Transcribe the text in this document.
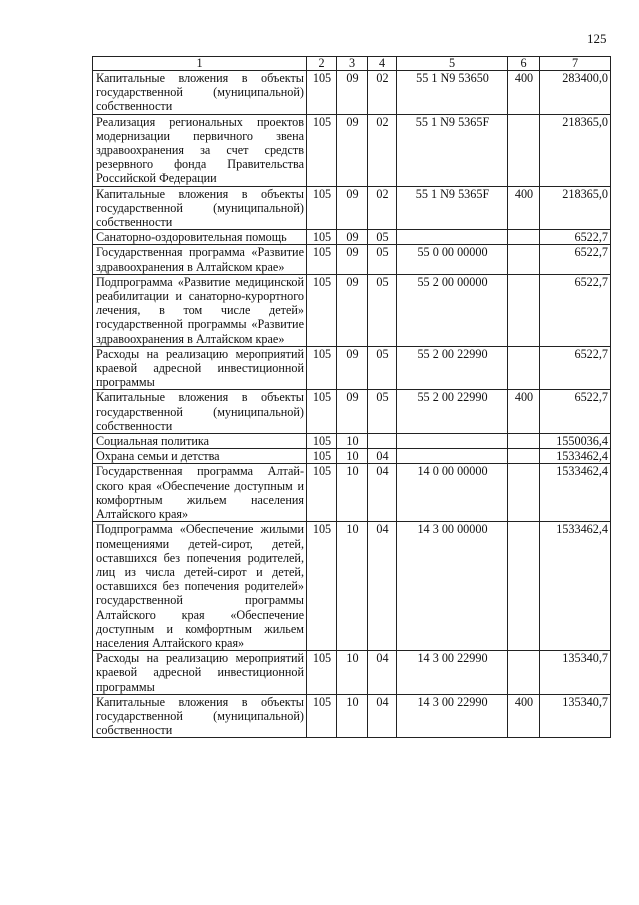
125
1	2	3	4	5	6	7
Капитальные вложения в объекты государственной (муниципальной) собственности	105	09	02	55 1 N9 53650	400	283400,0
Реализация региональных проектов модернизации первичного звена здравоохранения за счет средств резервного фонда Правительства Российской Федерации	105	09	02	55 1 N9 5365F		218365,0
Капитальные вложения в объекты государственной (муниципальной) собственности	105	09	02	55 1 N9 5365F	400	218365,0
Санаторно-оздоровительная помощь	105	09	05			6522,7
Государственная программа «Развитие здравоохранения в Алтайском крае»	105	09	05	55 0 00 00000		6522,7
Подпрограмма «Развитие медицинской реабилитации и санаторно-курортного лечения, в том числе детей» государственной программы «Развитие здравоохранения в Алтайском крае»	105	09	05	55 2 00 00000		6522,7
Расходы на реализацию мероприятий краевой адресной инвестиционной программы	105	09	05	55 2 00 22990		6522,7
Капитальные вложения в объекты государственной (муниципальной) собственности	105	09	05	55 2 00 22990	400	6522,7
Социальная политика	105	10				1550036,4
Охрана семьи и детства	105	10	04			1533462,4
Государственная программа Алтайского края «Обеспечение доступным и комфортным жильем населения Алтайского края»	105	10	04	14 0 00 00000		1533462,4
Подпрограмма «Обеспечение жилыми помещениями детей-сирот, детей, оставшихся без попечения родителей, лиц из числа детей-сирот и детей, оставшихся без попечения родителей» государственной программы Алтайского края «Обеспечение доступным и комфортным жильем населения Алтайского края»	105	10	04	14 3 00 00000		1533462,4
Расходы на реализацию мероприятий краевой адресной инвестиционной программы	105	10	04	14 3 00 22990		135340,7
Капитальные вложения в объекты государственной (муниципальной) собственности	105	10	04	14 3 00 22990	400	135340,7
